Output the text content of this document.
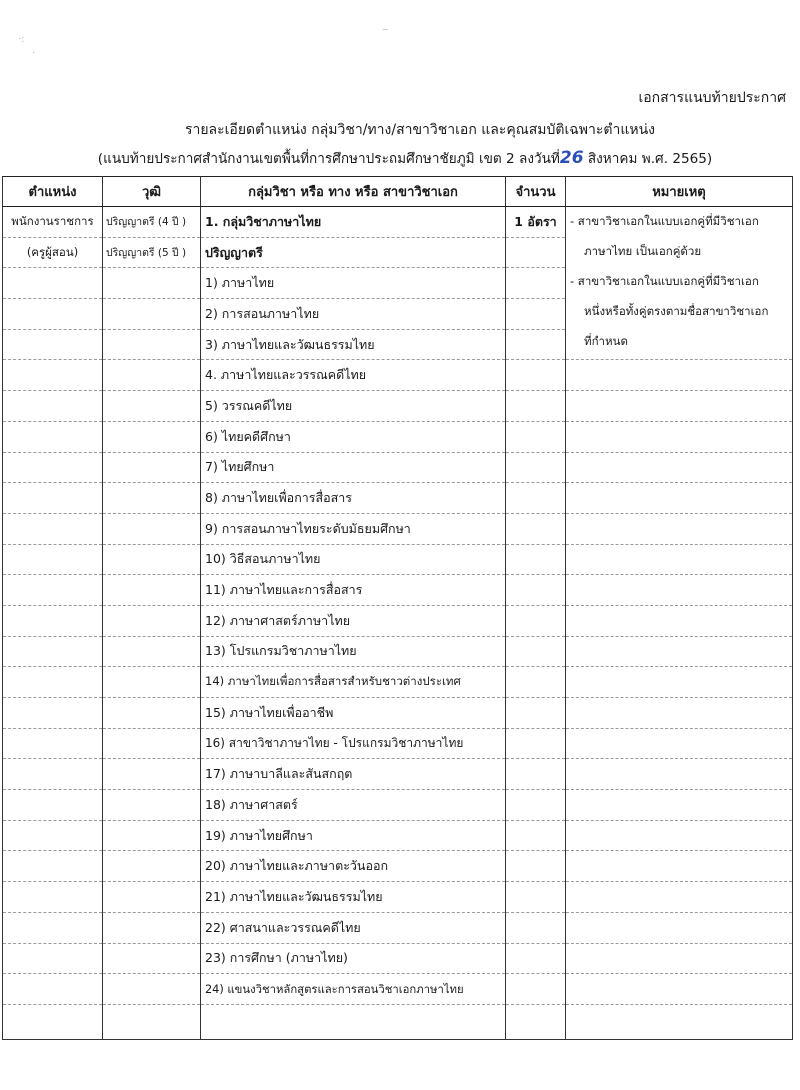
·:
·
‒
เอกสารแนบท้ายประกาศ
รายละเอียดตำแหน่ง กลุ่มวิชา/ทาง/สาขาวิชาเอก และคุณสมบัติเฉพาะตำแหน่ง
(แนบท้ายประกาศสำนักงานเขตพื้นที่การศึกษาประถมศึกษาชัยภูมิ เขต 2 ลงวันที่26 สิงหาคม พ.ศ. 2565)
ตำแหน่ง	วุฒิ	กลุ่มวิชา หรือ ทาง หรือ สาขาวิชาเอก	จำนวน	หมายเหตุ
พนักงานราชการ	ปริญญาตรี (4 ปี )	1. กลุ่มวิชาภาษาไทย	1 อัตรา	- สาขาวิชาเอกในแบบเอกคู่ที่มีวิชาเอก
ภาษาไทย เป็นเอกคู่ด้วย
- สาขาวิชาเอกในแบบเอกคู่ที่มีวิชาเอก
หนึ่งหรือทั้งคู่ตรงตามชื่อสาขาวิชาเอก
ที่กำหนด

(ครูผู้สอน)	ปริญญาตรี (5 ปี )	ปริญญาตรี		
		1) ภาษาไทย		
		2) การสอนภาษาไทย		
		3) ภาษาไทยและวัฒนธรรมไทย		
		4. ภาษาไทยและวรรณคดีไทย		
		5) วรรณคดีไทย		
		6) ไทยคดีศึกษา		
		7) ไทยศึกษา		
		8) ภาษาไทยเพื่อการสื่อสาร		
		9) การสอนภาษาไทยระดับมัธยมศึกษา		
		10) วิธีสอนภาษาไทย		
		11) ภาษาไทยและการสื่อสาร		
		12) ภาษาศาสตร์ภาษาไทย		
		13) โปรแกรมวิชาภาษาไทย		
		14) ภาษาไทยเพื่อการสื่อสารสำหรับชาวต่างประเทศ		
		15) ภาษาไทยเพื่ออาชีพ		
		16) สาขาวิชาภาษาไทย - โปรแกรมวิชาภาษาไทย		
		17) ภาษาบาลีและสันสกฤต		
		18) ภาษาศาสตร์		
		19) ภาษาไทยศึกษา		
		20) ภาษาไทยและภาษาตะวันออก		
		21) ภาษาไทยและวัฒนธรรมไทย		
		22) ศาสนาและวรรณคดีไทย		
		23) การศึกษา (ภาษาไทย)		
		24) แขนงวิชาหลักสูตรและการสอนวิชาเอกภาษาไทย		
